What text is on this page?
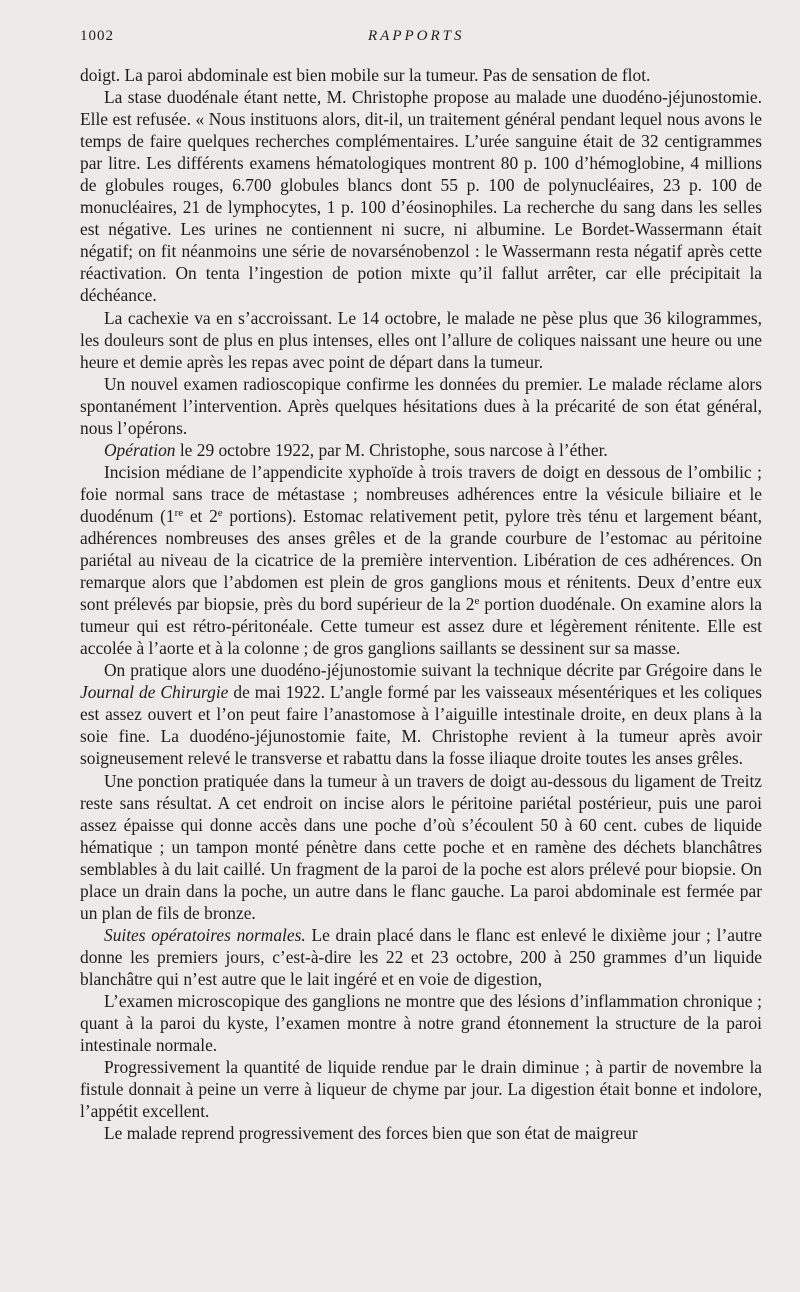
1002	RAPPORTS

doigt. La paroi abdominale est bien mobile sur la tumeur. Pas de sensation de flot.

La stase duodénale étant nette, M. Christophe propose au malade une duodéno-jéjunostomie. Elle est refusée. « Nous instituons alors, dit-il, un traitement général pendant lequel nous avons le temps de faire quelques recherches complémentaires. L’urée sanguine était de 32 centigrammes par litre. Les différents examens hématologiques montrent 80 p. 100 d’hémoglobine, 4 millions de globules rouges, 6.700 globules blancs dont 55 p. 100 de polynucléaires, 23 p. 100 de monucléaires, 21 de lymphocytes, 1 p. 100 d’éosinophiles. La recherche du sang dans les selles est négative. Les urines ne contiennent ni sucre, ni albumine. Le Bordet-Wassermann était négatif; on fit néanmoins une série de novarsénobenzol : le Wassermann resta négatif après cette réactivation. On tenta l’ingestion de potion mixte qu’il fallut arrêter, car elle précipitait la déchéance.

La cachexie va en s’accroissant. Le 14 octobre, le malade ne pèse plus que 36 kilogrammes, les douleurs sont de plus en plus intenses, elles ont l’allure de coliques naissant une heure ou une heure et demie après les repas avec point de départ dans la tumeur.

Un nouvel examen radioscopique confirme les données du premier. Le malade réclame alors spontanément l’intervention. Après quelques hésitations dues à la précarité de son état général, nous l’opérons.

Opération le 29 octobre 1922, par M. Christophe, sous narcose à l’éther.

Incision médiane de l’appendicite xyphoïde à trois travers de doigt en dessous de l’ombilic ; foie normal sans trace de métastase ; nombreuses adhérences entre la vésicule biliaire et le duodénum (1re et 2e portions). Estomac relativement petit, pylore très ténu et largement béant, adhérences nombreuses des anses grêles et de la grande courbure de l’estomac au péritoine pariétal au niveau de la cicatrice de la première intervention. Libération de ces adhérences. On remarque alors que l’abdomen est plein de gros ganglions mous et rénitents. Deux d’entre eux sont prélevés par biopsie, près du bord supérieur de la 2e portion duodénale. On examine alors la tumeur qui est rétro-péritonéale. Cette tumeur est assez dure et légèrement rénitente. Elle est accolée à l’aorte et à la colonne ; de gros ganglions saillants se dessinent sur sa masse.

On pratique alors une duodéno-jéjunostomie suivant la technique décrite par Grégoire dans le Journal de Chirurgie de mai 1922. L’angle formé par les vaisseaux mésentériques et les coliques est assez ouvert et l’on peut faire l’anastomose à l’aiguille intestinale droite, en deux plans à la soie fine. La duodéno-jéjunostomie faite, M. Christophe revient à la tumeur après avoir soigneusement relevé le transverse et rabattu dans la fosse iliaque droite toutes les anses grêles.

Une ponction pratiquée dans la tumeur à un travers de doigt au-dessous du ligament de Treitz reste sans résultat. A cet endroit on incise alors le péritoine pariétal postérieur, puis une paroi assez épaisse qui donne accès dans une poche d’où s’écoulent 50 à 60 cent. cubes de liquide hématique ; un tampon monté pénètre dans cette poche et en ramène des déchets blanchâtres semblables à du lait caillé. Un fragment de la paroi de la poche est alors prélevé pour biopsie. On place un drain dans la poche, un autre dans le flanc gauche. La paroi abdominale est fermée par un plan de fils de bronze.

Suites opératoires normales. Le drain placé dans le flanc est enlevé le dixième jour ; l’autre donne les premiers jours, c’est-à-dire les 22 et 23 octobre, 200 à 250 grammes d’un liquide blanchâtre qui n’est autre que le lait ingéré et en voie de digestion,

L’examen microscopique des ganglions ne montre que des lésions d’inflammation chronique ; quant à la paroi du kyste, l’examen montre à notre grand étonnement la structure de la paroi intestinale normale.

Progressivement la quantité de liquide rendue par le drain diminue ; à partir de novembre la fistule donnait à peine un verre à liqueur de chyme par jour. La digestion était bonne et indolore, l’appétit excellent.

Le malade reprend progressivement des forces bien que son état de maigreur
